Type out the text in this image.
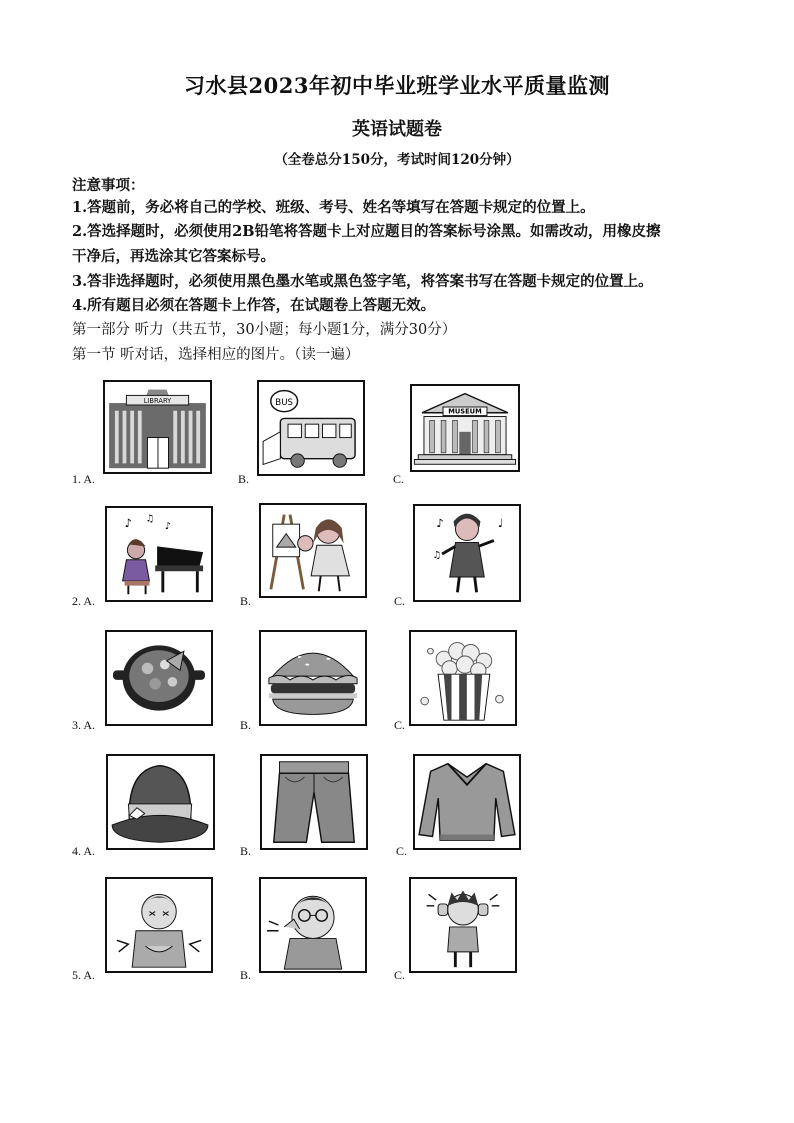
习水县2023年初中毕业班学业水平质量监测
英语试题卷
（全卷总分150分，考试时间120分钟）
注意事项：
1.答题前，务必将自己的学校、班级、考号、姓名等填写在答题卡规定的位置上。
2.答选择题时，必须使用2B铅笔将答题卡上对应题目的答案标号涂黑。如需改动，用橡皮擦
干净后，再选涂其它答案标号。
3.答非选择题时，必须使用黑色墨水笔或黑色签字笔，将答案书写在答题卡规定的位置上。
4.所有题目必须在答题卡上作答，在试题卷上答题无效。
第一部分 听力（共五节，30小题；每小题1分，满分30分）
第一节 听对话，选择相应的图片。（读一遍）
1. A.	B.	C.
LIBRARY	BUS
MUSEUM
2. A.	B.	C.
♪ ♫
♪	♪	♩
♫
3. A.	B.	C.
4. A.	B.	C.
5. A.	B.	C.
